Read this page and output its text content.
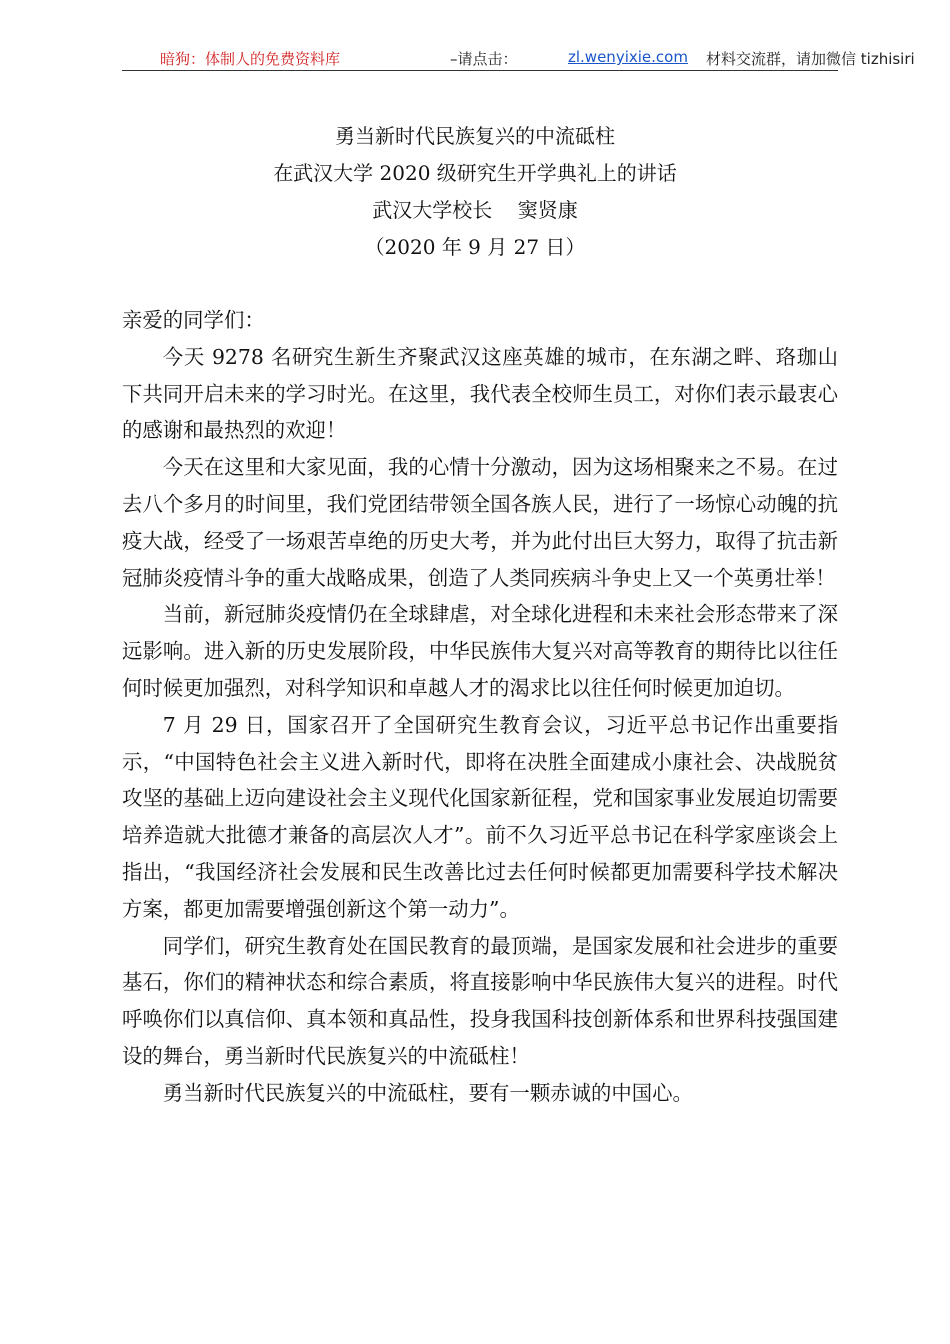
暗狗：体制人的免费资料库	–请点击：	zl.wenyixie.com 材料交流群，请加微信 tizhisiri
勇当新时代民族复兴的中流砥柱
在武汉大学 2020 级研究生开学典礼上的讲话
武汉大学校长    窦贤康
（2020 年 9 月 27 日）

亲爱的同学们：

今天 9278 名研究生新生齐聚武汉这座英雄的城市，在东湖之畔、珞珈山下共同开启未来的学习时光。在这里，我代表全校师生员工，对你们表示最衷心的感谢和最热烈的欢迎！

今天在这里和大家见面，我的心情十分激动，因为这场相聚来之不易。在过去八个多月的时间里，我们党团结带领全国各族人民，进行了一场惊心动魄的抗疫大战，经受了一场艰苦卓绝的历史大考，并为此付出巨大努力，取得了抗击新冠肺炎疫情斗争的重大战略成果，创造了人类同疾病斗争史上又一个英勇壮举！

当前，新冠肺炎疫情仍在全球肆虐，对全球化进程和未来社会形态带来了深远影响。进入新的历史发展阶段，中华民族伟大复兴对高等教育的期待比以往任何时候更加强烈，对科学知识和卓越人才的渴求比以往任何时候更加迫切。

7 月 29 日，国家召开了全国研究生教育会议，习近平总书记作出重要指示，“中国特色社会主义进入新时代，即将在决胜全面建成小康社会、决战脱贫攻坚的基础上迈向建设社会主义现代化国家新征程，党和国家事业发展迫切需要培养造就大批德才兼备的高层次人才”。前不久习近平总书记在科学家座谈会上指出，“我国经济社会发展和民生改善比过去任何时候都更加需要科学技术解决方案，都更加需要增强创新这个第一动力”。

同学们，研究生教育处在国民教育的最顶端，是国家发展和社会进步的重要基石，你们的精神状态和综合素质，将直接影响中华民族伟大复兴的进程。时代呼唤你们以真信仰、真本领和真品性，投身我国科技创新体系和世界科技强国建设的舞台，勇当新时代民族复兴的中流砥柱！

勇当新时代民族复兴的中流砥柱，要有一颗赤诚的中国心。
